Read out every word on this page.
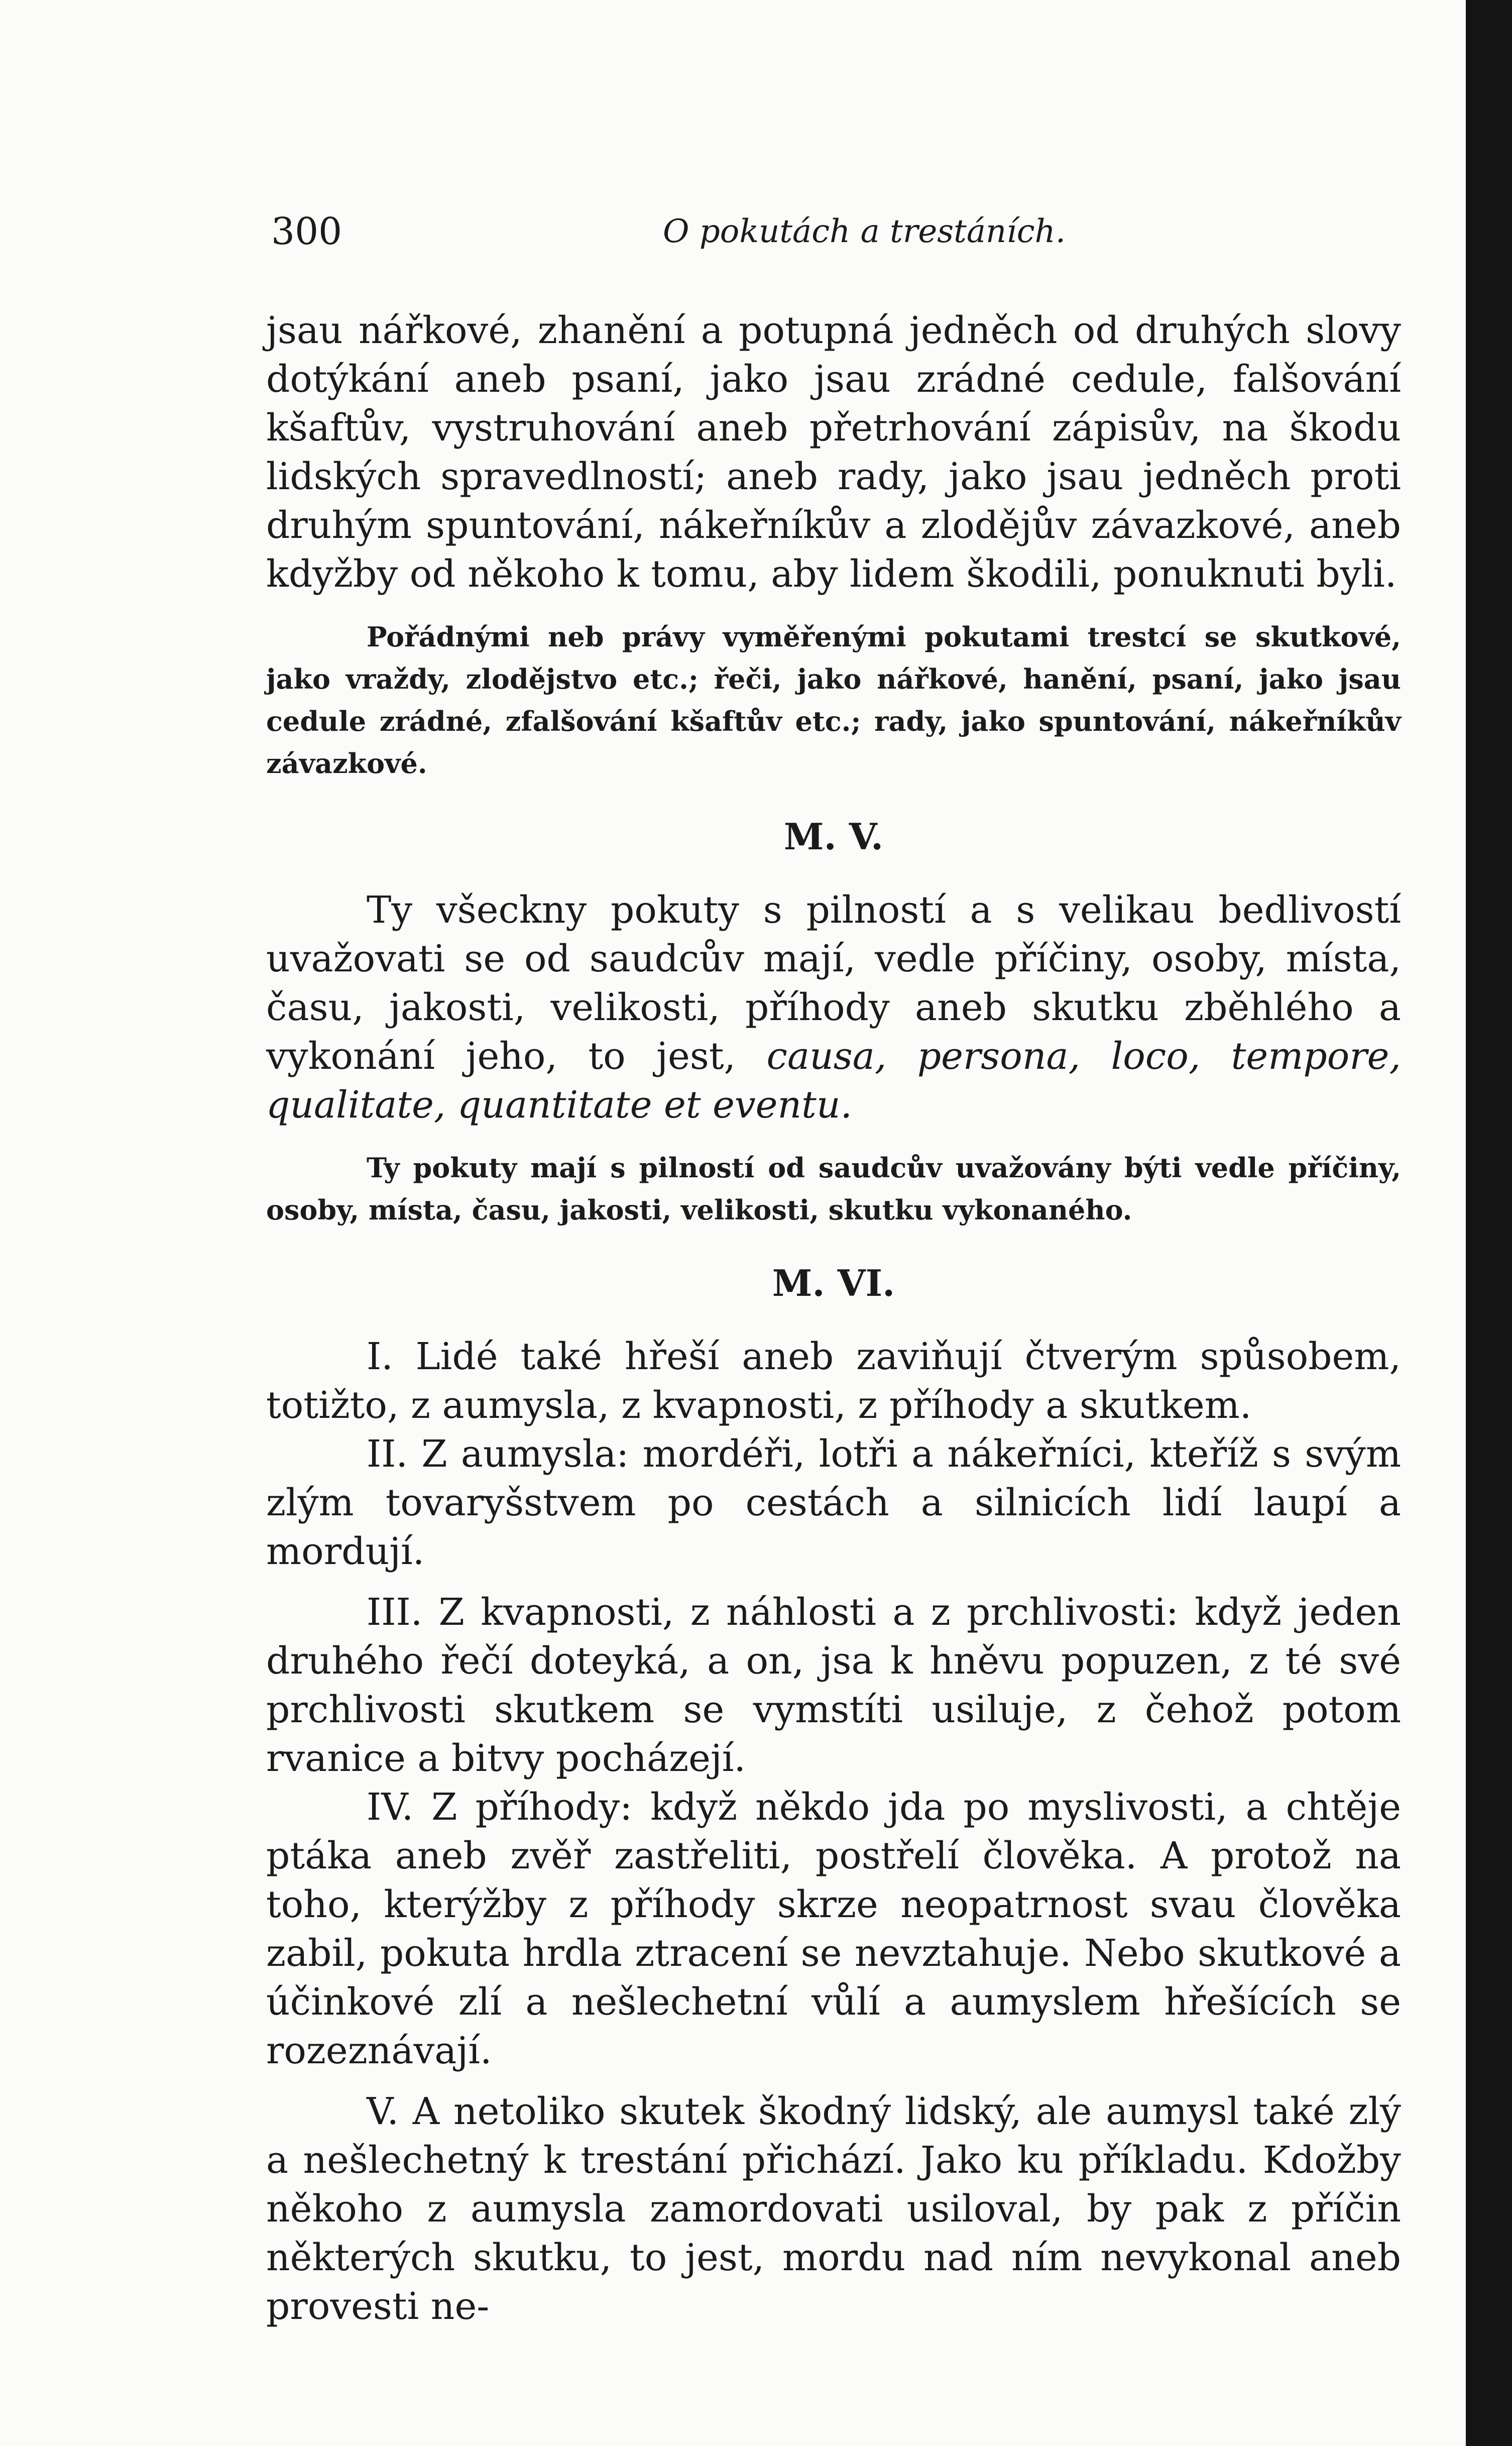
300	O pokutách a trestáních.

jsau nářkové, zhanění a potupná jedněch od druhých slovy dotýkání aneb psaní, jako jsau zrádné cedule, falšování kšaftův, vystruhování aneb přetrhování zápisův, na škodu lidských spravedlností; aneb rady, jako jsau jedněch proti druhým spuntování, nákeřníkův a zlodějův závazkové, aneb kdyžby od někoho k tomu, aby lidem škodili, ponuknuti byli.

Pořádnými neb právy vyměřenými pokutami trestcí se skutkové, jako vraždy, zlodějstvo etc.; řeči, jako nářkové, hanění, psaní, jako jsau cedule zrádné, zfalšování kšaftův etc.; rady, jako spuntování, nákeřníkův závazkové.

M. V.

Ty všeckny pokuty s pilností a s velikau bedlivostí uvažovati se od saudcův mají, vedle příčiny, osoby, místa, času, jakosti, velikosti, příhody aneb skutku zběhlého a vykonání jeho, to jest, causa, persona, loco, tempore, qualitate, quantitate et eventu.

Ty pokuty mají s pilností od saudcův uvažovány býti vedle příčiny, osoby, místa, času, jakosti, velikosti, skutku vykonaného.

M. VI.

I. Lidé také hřeší aneb zaviňují čtverým spůsobem, totižto, z aumysla, z kvapnosti, z příhody a skutkem.

II. Z aumysla: mordéři, lotři a nákeřníci, kteříž s svým zlým tovaryšstvem po cestách a silnicích lidí laupí a mordují.

III. Z kvapnosti, z náhlosti a z prchlivosti: když jeden druhého řečí doteyká, a on, jsa k hněvu popuzen, z té své prchlivosti skutkem se vymstíti usiluje, z čehož potom rvanice a bitvy pocházejí.

IV. Z příhody: když někdo jda po myslivosti, a chtěje ptáka aneb zvěř zastřeliti, postřelí člověka. A protož na toho, kterýžby z příhody skrze neopatrnost svau člověka zabil, pokuta hrdla ztracení se nevztahuje. Nebo skutkové a účinkové zlí a nešlechetní vůlí a aumyslem hřešících se rozeznávají.

V. A netoliko skutek škodný lidský, ale aumysl také zlý a nešlechetný k trestání přichází. Jako ku příkladu. Kdožby někoho z aumysla zamordovati usiloval, by pak z příčin některých skutku, to jest, mordu nad ním nevykonal aneb provesti ne-
